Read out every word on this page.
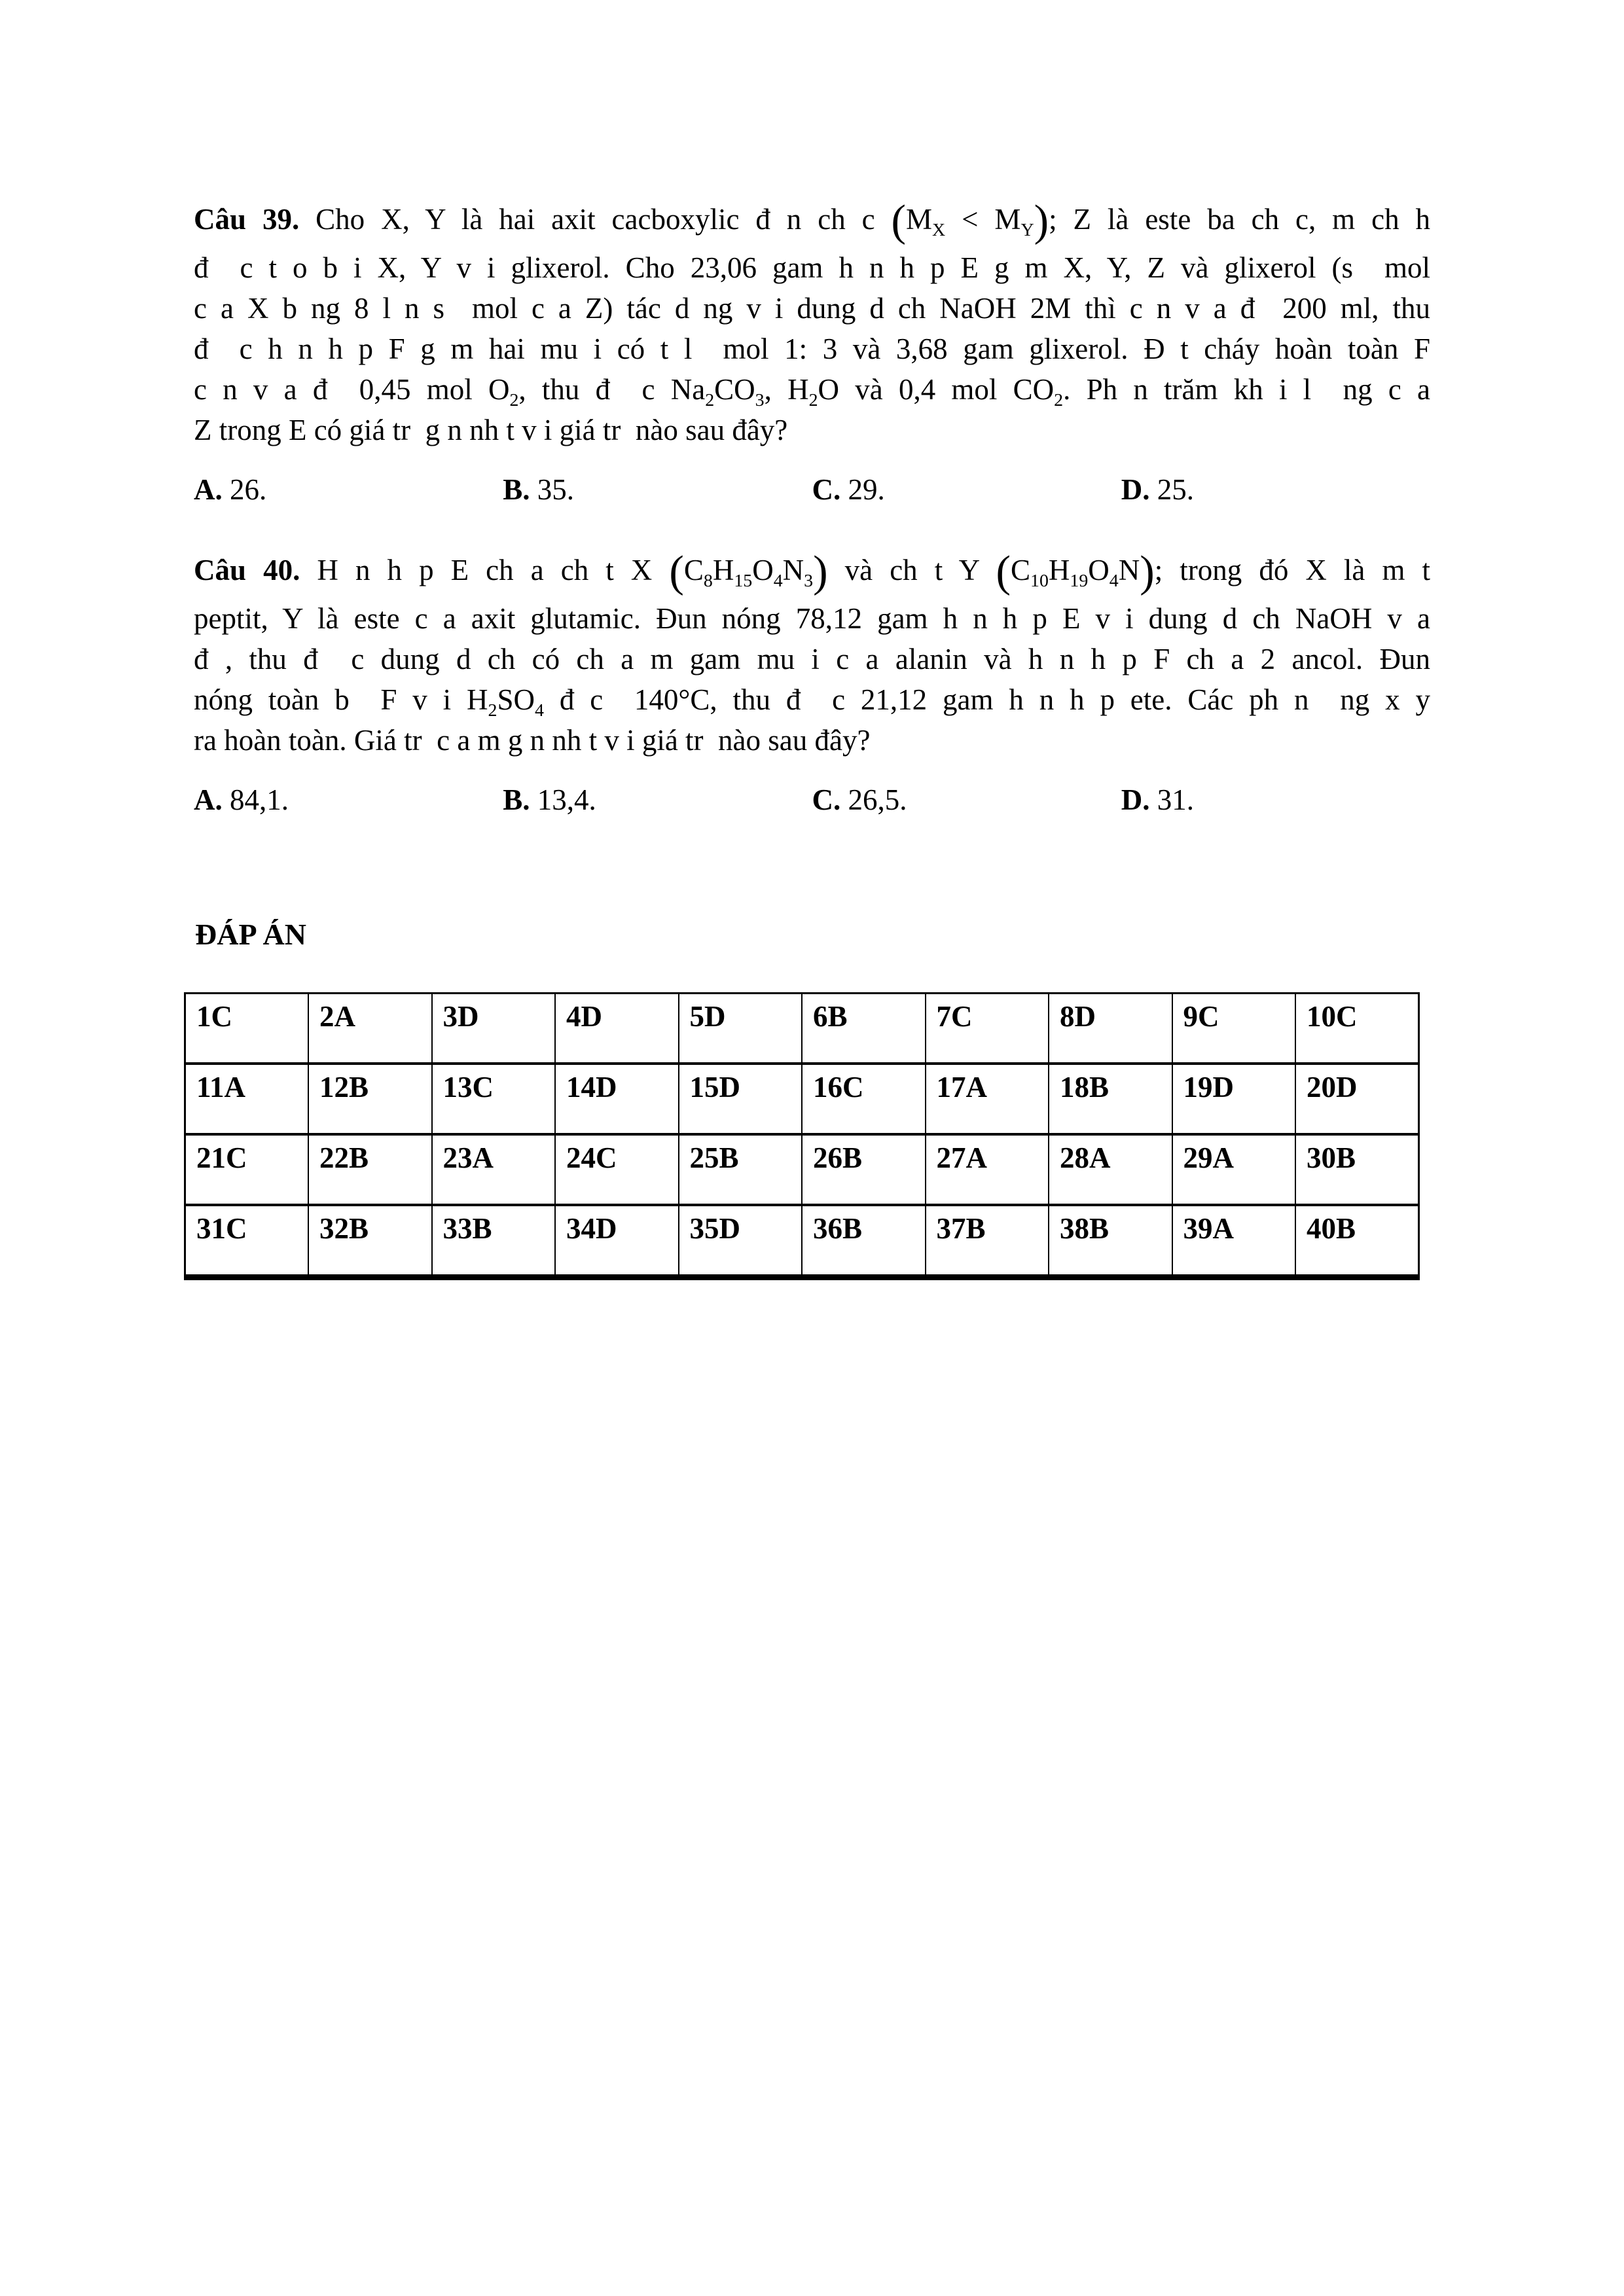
Câu 39. Cho X, Y là hai axit cacboxylic đ n ch c $(M_X < M_Y)$; Z là este ba ch c, m ch h
đ  c t o b i X, Y v i glixerol. Cho 23,06 gam h n h p E g m X, Y, Z và glixerol (s  mol
c a X b ng 8 l n s  mol c a Z) tác d ng v i dung d ch NaOH 2M thì c n v a đ  200 ml, thu
đ  c h n h p F g m hai mu i có t l  mol 1: 3 và 3,68 gam glixerol. Đ t cháy hoàn toàn F
c n v a đ  0,45 mol $O_2$, thu đ  c $Na_2CO_3$, $H_2O$ và 0,4 mol $CO_2$. Ph n trăm kh i l  ng c a
Z trong E có giá tr  g n nh t v i giá tr  nào sau đây?
A. 26.	B. 35.	C. 29.	D. 25.
Câu 40. H n h p E ch a ch t X $(C_8H_{15}O_4N_3)$ và ch t Y $(C_{10}H_{19}O_4N)$; trong đó X là m t
peptit, Y là este c a axit glutamic. Đun nóng 78,12 gam h n h p E v i dung d ch NaOH v a
đ , thu đ  c dung d ch có ch a m gam mu i c a alanin và h n h p F ch a 2 ancol. Đun
nóng toàn b  F v i $H_2SO_4$ đ c  140°C, thu đ  c 21,12 gam h n h p ete. Các ph n  ng x y
ra hoàn toàn. Giá tr  c a m g n nh t v i giá tr  nào sau đây?
A. 84,1.	B. 13,4.	C. 26,5.	D. 31.
ĐÁP ÁN
1C	2A	3D	4D	5D	6B	7C	8D	9C	10C
11A	12B	13C	14D	15D	16C	17A	18B	19D	20D
21C	22B	23A	24C	25B	26B	27A	28A	29A	30B
31C	32B	33B	34D	35D	36B	37B	38B	39A	40B
